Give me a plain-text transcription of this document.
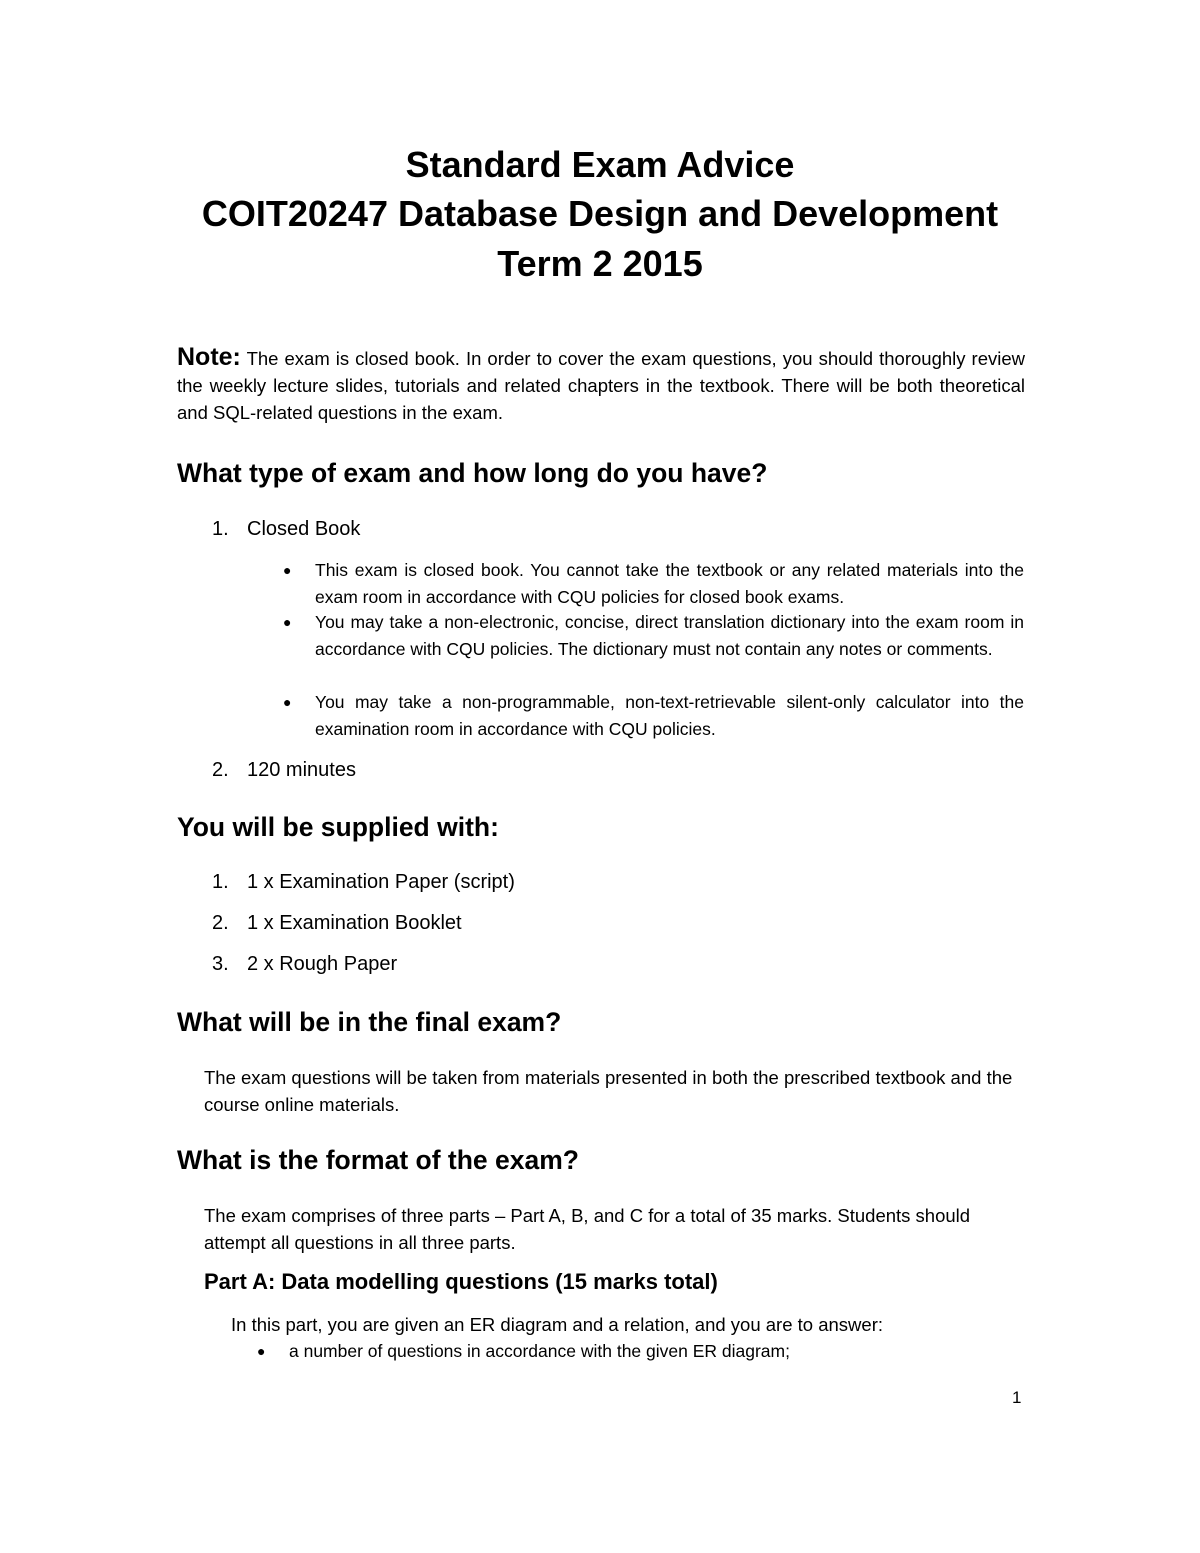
Standard Exam Advice
COIT20247 Database Design and Development
Term 2 2015

Note: The exam is closed book. In order to cover the exam questions, you should thoroughly review the weekly lecture slides, tutorials and related chapters in the textbook. There will be both theoretical and SQL-related questions in the exam.

What type of exam and how long do you have?
1. Closed Book
● This exam is closed book. You cannot take the textbook or any related materials into the exam room in accordance with CQU policies for closed book exams.

● You may take a non-electronic, concise, direct translation dictionary into the exam room in accordance with CQU policies. The dictionary must not contain any notes or comments.

● You may take a non-programmable, non-text-retrievable silent-only calculator into the examination room in accordance with CQU policies.

2. 120 minutes
You will be supplied with:
1. 1 x Examination Paper (script)
2. 1 x Examination Booklet
3. 2 x Rough Paper
What will be in the final exam?

The exam questions will be taken from materials presented in both the prescribed textbook and the course online materials.

What is the format of the exam?

The exam comprises of three parts – Part A, B, and C for a total of 35 marks. Students should attempt all questions in all three parts.

Part A: Data modelling questions (15 marks total)

In this part, you are given an ER diagram and a relation, and you are to answer:

● a number of questions in accordance with the given ER diagram;

1
